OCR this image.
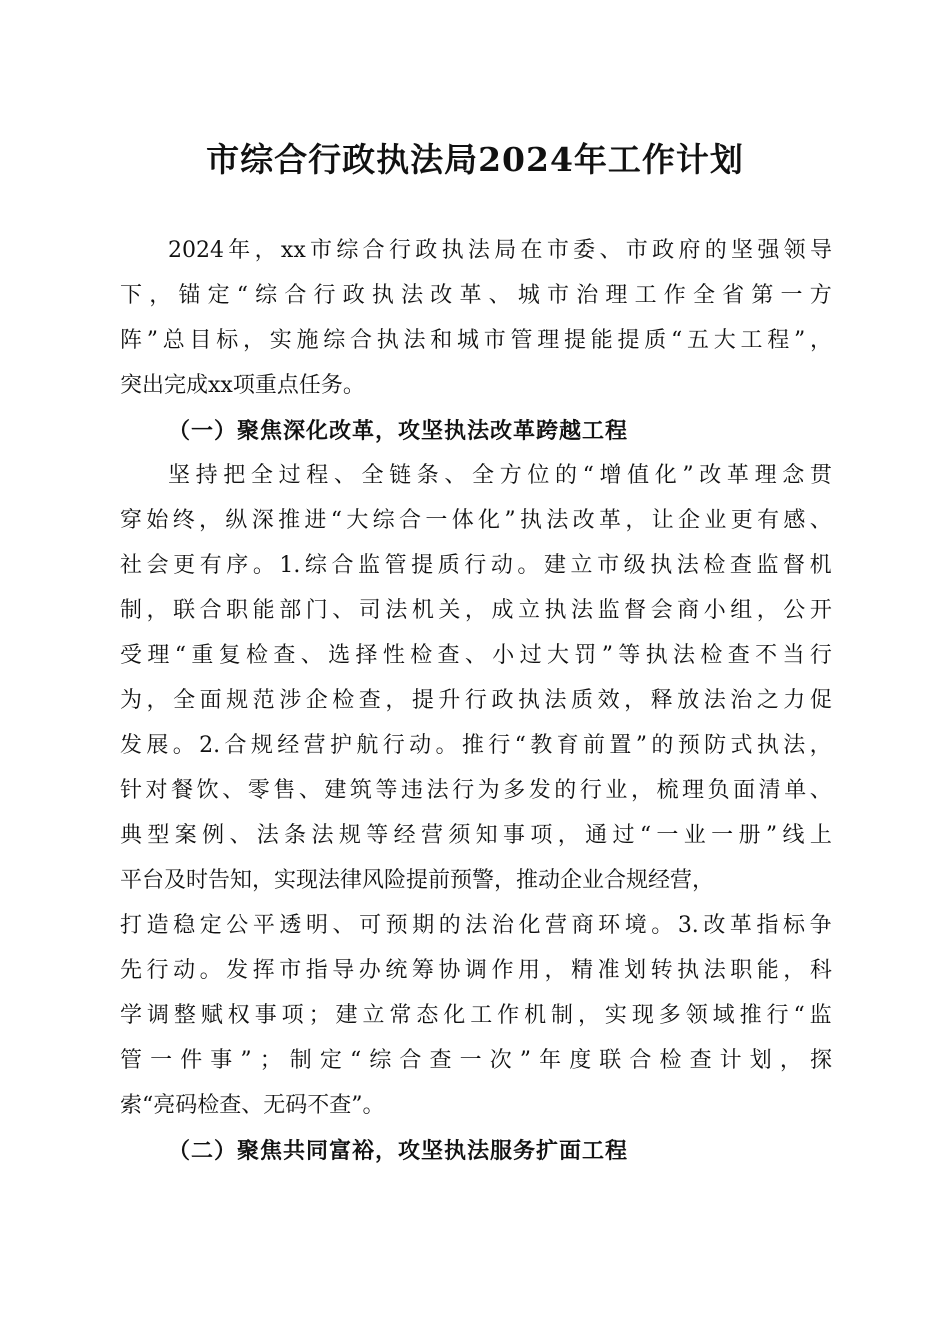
市综合行政执法局2024年工作计划

2024 年 ， xx 市 综 合 行 政 执 法 局 在 市 委 、 市 政 府 的 坚 强 领 导

下 ， 锚 定 “ 综 合 行 政 执 法 改 革 、 城 市 治 理 工 作 全 省 第 一 方

阵 ” 总 目 标 ， 实 施 综 合 执 法 和 城 市 管 理 提 能 提 质 “ 五 大 工 程 ” ，

突出完成xx项重点任务。

（一）聚焦深化改革，攻坚执法改革跨越工程

坚 持 把 全 过 程 、 全 链 条 、 全 方 位 的 “ 增 值 化 ” 改 革 理 念 贯

穿 始 终 ， 纵 深 推 进 “ 大 综 合 一 体 化 ” 执 法 改 革 ， 让 企 业 更 有 感 、

社 会 更 有 序 。 1. 综 合 监 管 提 质 行 动 。 建 立 市 级 执 法 检 查 监 督 机

制 ， 联 合 职 能 部 门 、 司 法 机 关 ， 成 立 执 法 监 督 会 商 小 组 ， 公 开

受 理 “ 重 复 检 查 、 选 择 性 检 查 、 小 过 大 罚 ” 等 执 法 检 查 不 当 行

为 ， 全 面 规 范 涉 企 检 查 ， 提 升 行 政 执 法 质 效 ， 释 放 法 治 之 力 促

发 展 。 2. 合 规 经 营 护 航 行 动 。 推 行 “ 教 育 前 置 ” 的 预 防 式 执 法 ，

针 对 餐 饮 、 零 售 、 建 筑 等 违 法 行 为 多 发 的 行 业 ， 梳 理 负 面 清 单 、

典 型 案 例 、 法 条 法 规 等 经 营 须 知 事 项 ， 通 过 “ 一 业 一 册 ” 线 上

平台及时告知，实现法律风险提前预警，推动企业合规经营，

打 造 稳 定 公 平 透 明 、 可 预 期 的 法 治 化 营 商 环 境 。 3. 改 革 指 标 争

先 行 动 。 发 挥 市 指 导 办 统 筹 协 调 作 用 ， 精 准 划 转 执 法 职 能 ， 科

学 调 整 赋 权 事 项 ； 建 立 常 态 化 工 作 机 制 ， 实 现 多 领 域 推 行 “ 监

管 一 件 事 ” ； 制 定 “ 综 合 查 一 次 ” 年 度 联 合 检 查 计 划 ， 探

索“亮码检查、无码不查”。

（二）聚焦共同富裕，攻坚执法服务扩面工程
